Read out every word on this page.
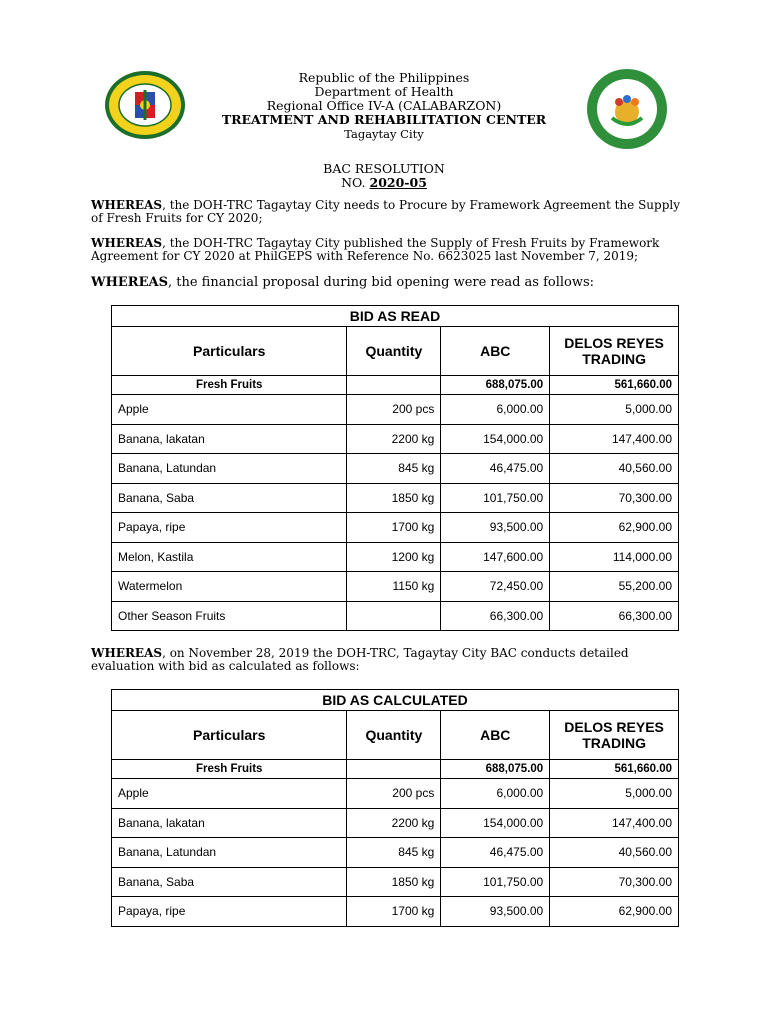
Republic of the Philippines
Department of Health
Regional Office IV-A (CALABARZON)
TREATMENT AND REHABILITATION CENTER
Tagaytay City
BAC RESOLUTION
NO. 2020-05
WHEREAS, the DOH-TRC Tagaytay City needs to Procure by Framework Agreement the Supply of Fresh Fruits for CY 2020;
WHEREAS, the DOH-TRC Tagaytay City published the Supply of Fresh Fruits by Framework Agreement for CY 2020 at PhilGEPS with Reference No. 6623025 last November 7, 2019;
WHEREAS, the financial proposal during bid opening were read as follows:
BID AS READ			
Particulars	Quantity	ABC	DELOS REYES TRADING
Fresh Fruits		688,075.00	561,660.00
Apple	200 pcs	6,000.00	5,000.00
Banana, lakatan	2200 kg	154,000.00	147,400.00
Banana, Latundan	845 kg	46,475.00	40,560.00
Banana, Saba	1850 kg	101,750.00	70,300.00
Papaya, ripe	1700 kg	93,500.00	62,900.00
Melon, Kastila	1200 kg	147,600.00	114,000.00
Watermelon	1150 kg	72,450.00	55,200.00
Other Season Fruits		66,300.00	66,300.00
WHEREAS, on November 28, 2019 the DOH-TRC, Tagaytay City BAC conducts detailed evaluation with bid as calculated as follows:
BID AS CALCULATED			
Particulars	Quantity	ABC	DELOS REYES TRADING
Fresh Fruits		688,075.00	561,660.00
Apple	200 pcs	6,000.00	5,000.00
Banana, lakatan	2200 kg	154,000.00	147,400.00
Banana, Latundan	845 kg	46,475.00	40,560.00
Banana, Saba	1850 kg	101,750.00	70,300.00
Papaya, ripe	1700 kg	93,500.00	62,900.00
